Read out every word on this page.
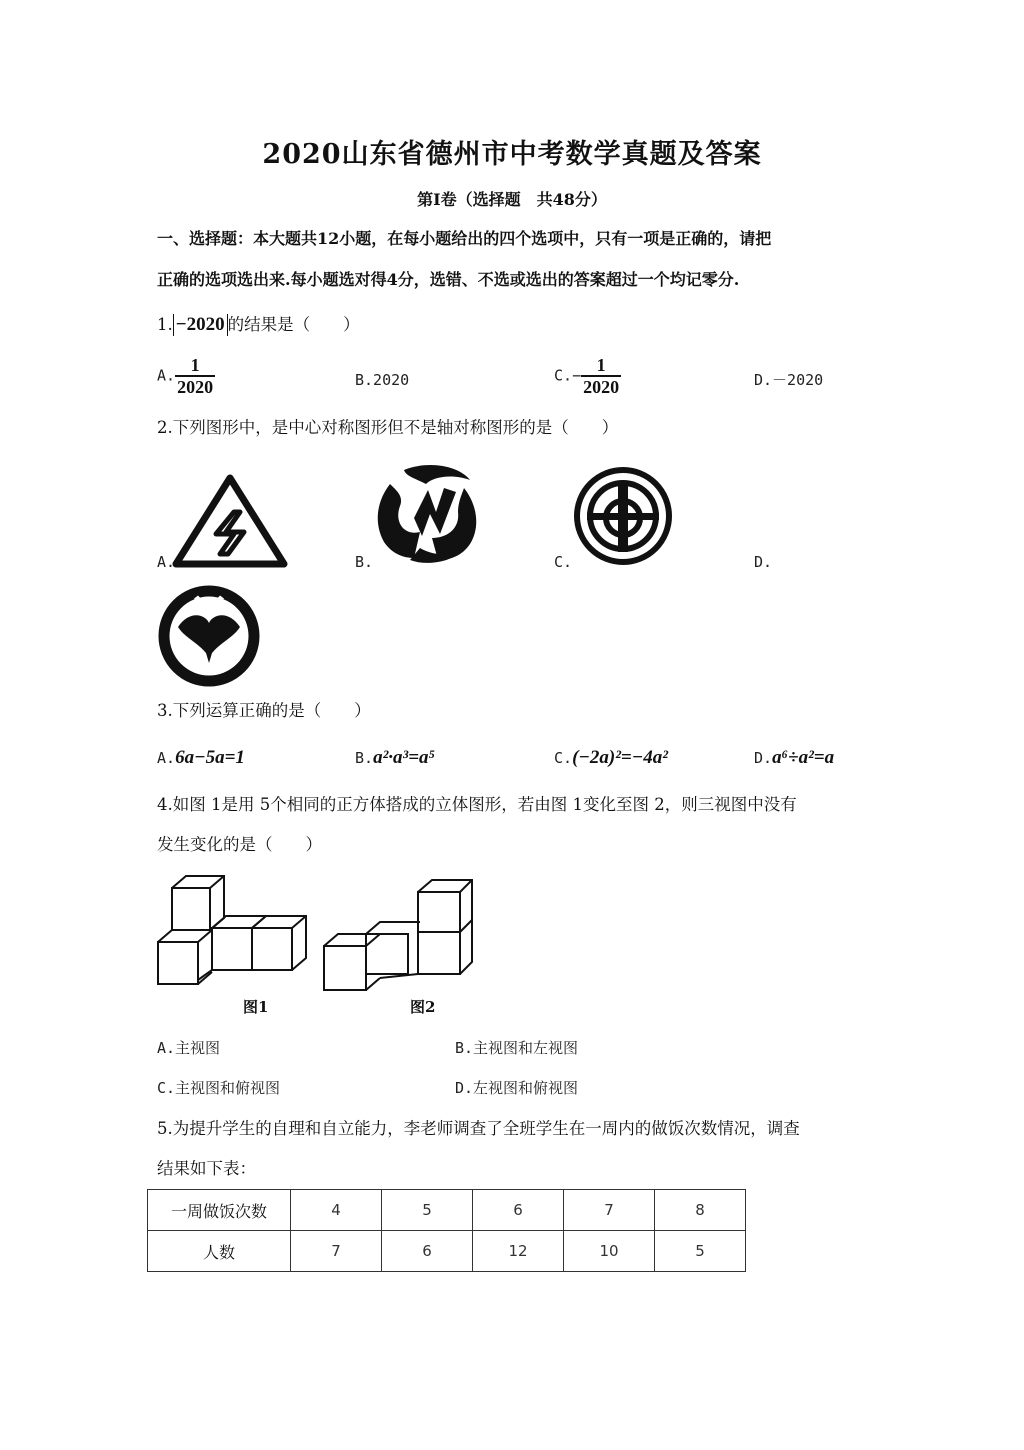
2020山东省德州市中考数学真题及答案
第Ⅰ卷（选择题　共48分）
一、选择题：本大题共12小题，在每小题给出的四个选项中，只有一项是正确的，请把
正确的选项选出来.每小题选对得4分，选错、不选或选出的答案超过一个均记零分.
1. −2020 的结果是（　　）
A. $\frac{1}{2020}$	B.2020	$C.- \frac{1}{2020}$	D.－2020
2.下列图形中，是中心对称图形但不是轴对称图形的是（　　）
A.	B.	C.	D.
3.下列运算正确的是（　　）
A.6a−5a=1	B.a²·a³=a⁵	C.(−2a)²=−4a²	D.a⁶÷a²=a
4.如图 1是用 5个相同的正方体搭成的立体图形，若由图 1变化至图 2，则三视图中没有
发生变化的是（　　）
图1	图2
A.主视图	B.主视图和左视图
C.主视图和俯视图	D.左视图和俯视图
5.为提升学生的自理和自立能力，李老师调查了全班学生在一周内的做饭次数情况，调查
结果如下表：
一周做饭次数	4	5	6	7	8
人数	7	6	12	10	5
